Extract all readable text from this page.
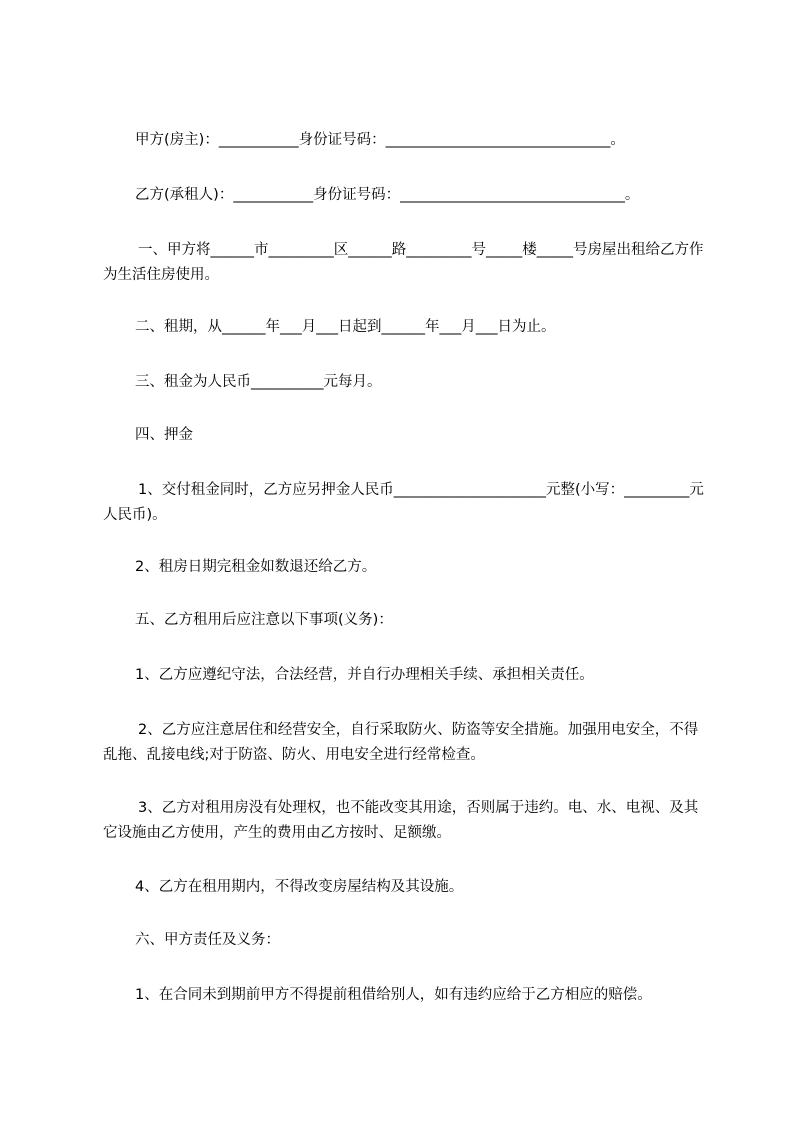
甲方(房主)：___________身份证号码：_______________________________。
乙方(承租人)：___________身份证号码：_______________________________。
一、甲方将______市_________区______路_________号_____楼_____号房屋出租给乙方作为生活住房使用。
二、租期，从______年___月___日起到______年___月___日为止。
三、租金为人民币__________元每月。
四、押金
1、交付租金同时，乙方应另押金人民币_____________________元整(小写：_________元人民币)。
2、租房日期完租金如数退还给乙方。
五、乙方租用后应注意以下事项(义务)：
1、乙方应遵纪守法，合法经营，并自行办理相关手续、承担相关责任。
2、乙方应注意居住和经营安全，自行采取防火、防盗等安全措施。加强用电安全，不得乱拖、乱接电线;对于防盗、防火、用电安全进行经常检查。
3、乙方对租用房没有处理权，也不能改变其用途，否则属于违约。电、水、电视、及其它设施由乙方使用，产生的费用由乙方按时、足额缴。
4、乙方在租用期内，不得改变房屋结构及其设施。
六、甲方责任及义务：
1、在合同未到期前甲方不得提前租借给别人，如有违约应给于乙方相应的赔偿。
